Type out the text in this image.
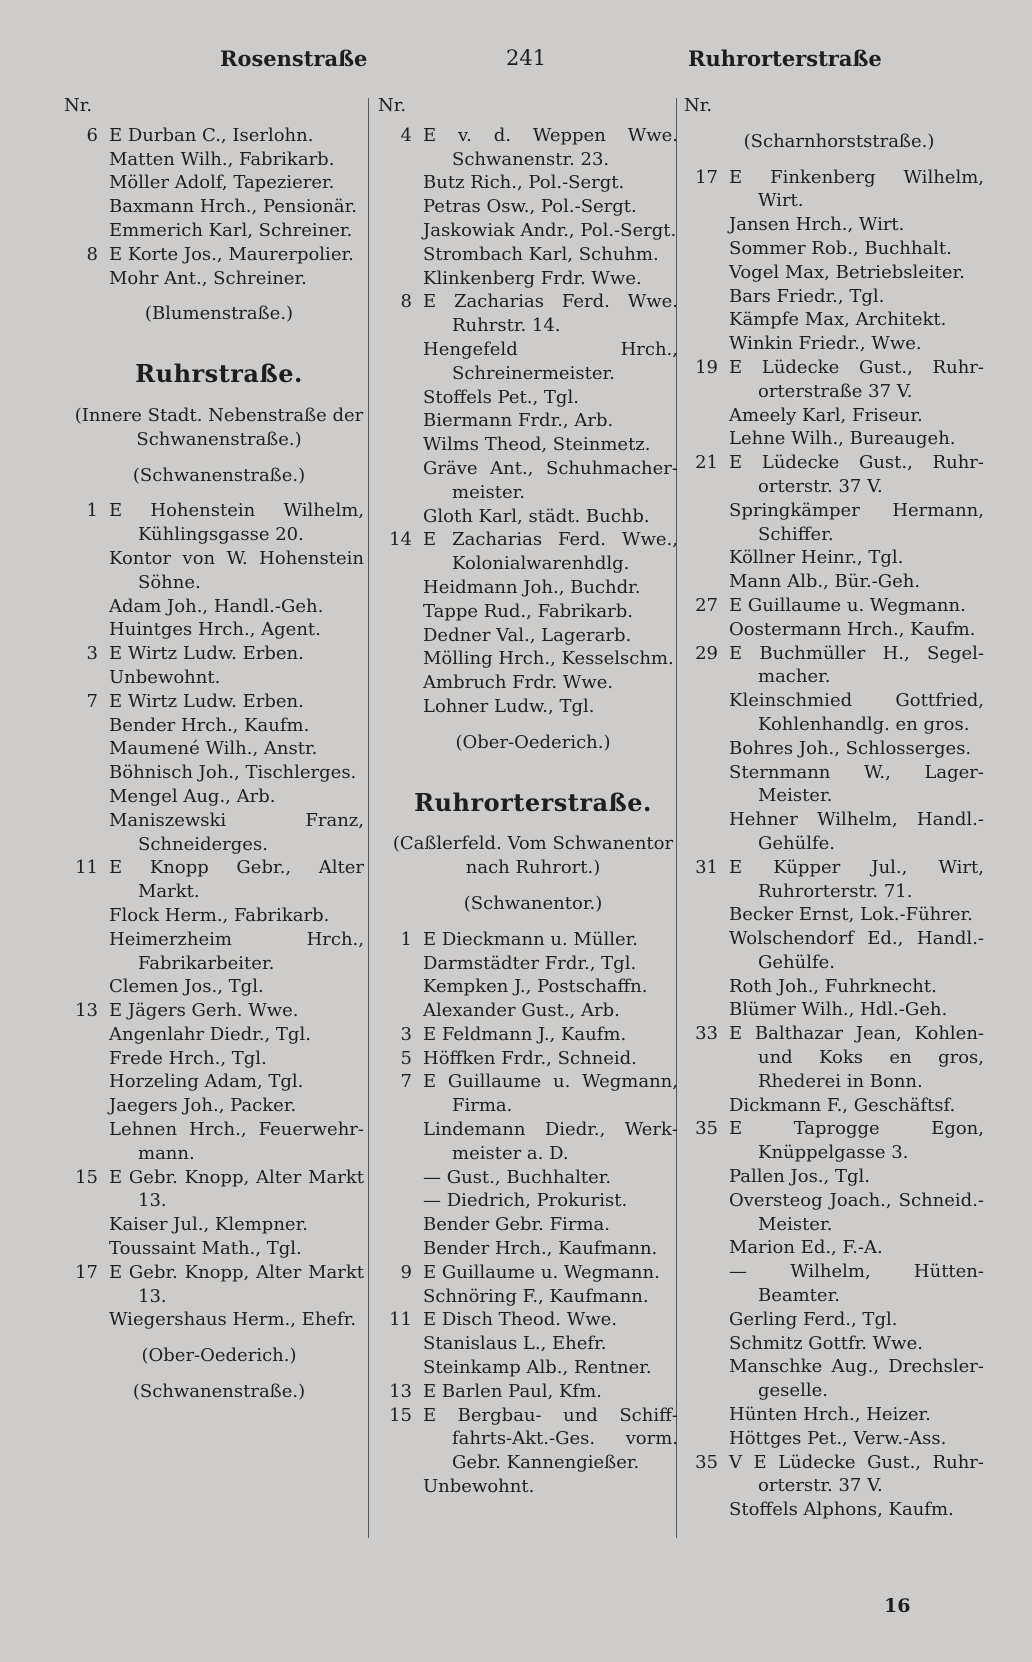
Rosenstraße	241	Ruhrorterstraße
Nr.
6 E Durban C., Iserlohn.
Matten Wilh., Fabrikarb.
Möller Adolf, Tapezierer.
Baxmann Hrch., Pensionär.
Emmerich Karl, Schreiner.
8 E Korte Jos., Maurerpolier.
Mohr Ant., Schreiner.
(Blumenstraße.)
Ruhrstraße.
(Innere Stadt. Nebenstraße der Schwanenstraße.)
(Schwanenstraße.)
1 E Hohenstein Wilhelm, Kühlingsgasse 20.
Kontor von W. Hohenstein Söhne.
Adam Joh., Handl.-Geh.
Huintges Hrch., Agent.
3 E Wirtz Ludw. Erben.
Unbewohnt.
7 E Wirtz Ludw. Erben.
Bender Hrch., Kaufm.
Maumené Wilh., Anstr.
Böhnisch Joh., Tischlerges.
Mengel Aug., Arb.
Maniszewski Franz, Schneiderges.
11 E Knopp Gebr., Alter Markt.
Flock Herm., Fabrikarb.
Heimerzheim Hrch., Fabrikarbeiter.
Clemen Jos., Tgl.
13 E Jägers Gerh. Wwe.
Angenlahr Diedr., Tgl.
Frede Hrch., Tgl.
Horzeling Adam, Tgl.
Jaegers Joh., Packer.
Lehnen Hrch., Feuerwehrmann.
15 E Gebr. Knopp, Alter Markt 13.
Kaiser Jul., Klempner.
Toussaint Math., Tgl.
17 E Gebr. Knopp, Alter Markt 13.
Wiegershaus Herm., Ehefr.
(Ober-Oederich.)
(Schwanenstraße.)
Nr.
4 E v. d. Weppen Wwe. Schwanenstr. 23.
Butz Rich., Pol.-Sergt.
Petras Osw., Pol.-Sergt.
Jaskowiak Andr., Pol.-Sergt.
Strombach Karl, Schuhm.
Klinkenberg Frdr. Wwe.
8 E Zacharias Ferd. Wwe. Ruhrstr. 14.
Hengefeld Hrch., Schreinermeister.
Stoffels Pet., Tgl.
Biermann Frdr., Arb.
Wilms Theod, Steinmetz.
Gräve Ant., Schuhmachermeister.
Gloth Karl, städt. Buchb.
14 E Zacharias Ferd. Wwe., Kolonialwarenhdlg.
Heidmann Joh., Buchdr.
Tappe Rud., Fabrikarb.
Dedner Val., Lagerarb.
Mölling Hrch., Kesselschm.
Ambruch Frdr. Wwe.
Lohner Ludw., Tgl.
(Ober-Oederich.)
Ruhrorterstraße.
(Caßlerfeld. Vom Schwanentor nach Ruhrort.)
(Schwanentor.)
1 E Dieckmann u. Müller.
Darmstädter Frdr., Tgl.
Kempken J., Postschaffn.
Alexander Gust., Arb.
3 E Feldmann J., Kaufm.
5 Höffken Frdr., Schneid.
7 E Guillaume u. Wegmann, Firma.
Lindemann Diedr., Werkmeister a. D.
— Gust., Buchhalter.
— Diedrich, Prokurist.
Bender Gebr. Firma.
Bender Hrch., Kaufmann.
9 E Guillaume u. Wegmann.
Schnöring F., Kaufmann.
11 E Disch Theod. Wwe.
Stanislaus L., Ehefr.
Steinkamp Alb., Rentner.
13 E Barlen Paul, Kfm.
15 E Bergbau- und Schifffahrts-Akt.-Ges. vorm. Gebr. Kannengießer.
Unbewohnt.
Nr.
(Scharnhorststraße.)
17 E Finkenberg Wilhelm, Wirt.
Jansen Hrch., Wirt.
Sommer Rob., Buchhalt.
Vogel Max, Betriebsleiter.
Bars Friedr., Tgl.
Kämpfe Max, Architekt.
Winkin Friedr., Wwe.
19 E Lüdecke Gust., Ruhrorterstraße 37 V.
Ameely Karl, Friseur.
Lehne Wilh., Bureaugeh.
21 E Lüdecke Gust., Ruhrorterstr. 37 V.
Springkämper Hermann, Schiffer.
Köllner Heinr., Tgl.
Mann Alb., Bür.-Geh.
27 E Guillaume u. Wegmann.
Oostermann Hrch., Kaufm.
29 E Buchmüller H., Segelmacher.
Kleinschmied Gottfried, Kohlenhandlg. en gros.
Bohres Joh., Schlosserges.
Sternmann W., LagerMeister.
Hehner Wilhelm, Handl.-Gehülfe.
31 E Küpper Jul., Wirt, Ruhrorterstr. 71.
Becker Ernst, Lok.-Führer.
Wolschendorf Ed., Handl.-Gehülfe.
Roth Joh., Fuhrknecht.
Blümer Wilh., Hdl.-Geh.
33 E Balthazar Jean, Kohlen- und Koks en gros, Rhederei in Bonn.
Dickmann F., Geschäftsf.
35 E Taprogge Egon, Knüppelgasse 3.
Pallen Jos., Tgl.
Oversteog Joach., Schneid.-Meister.
Marion Ed., F.-A.
— Wilhelm, HüttenBeamter.
Gerling Ferd., Tgl.
Schmitz Gottfr. Wwe.
Manschke Aug., Drechslergeselle.
Hünten Hrch., Heizer.
Höttges Pet., Verw.-Ass.
35 V E Lüdecke Gust., Ruhrorterstr. 37 V.
Stoffels Alphons, Kaufm.
16
